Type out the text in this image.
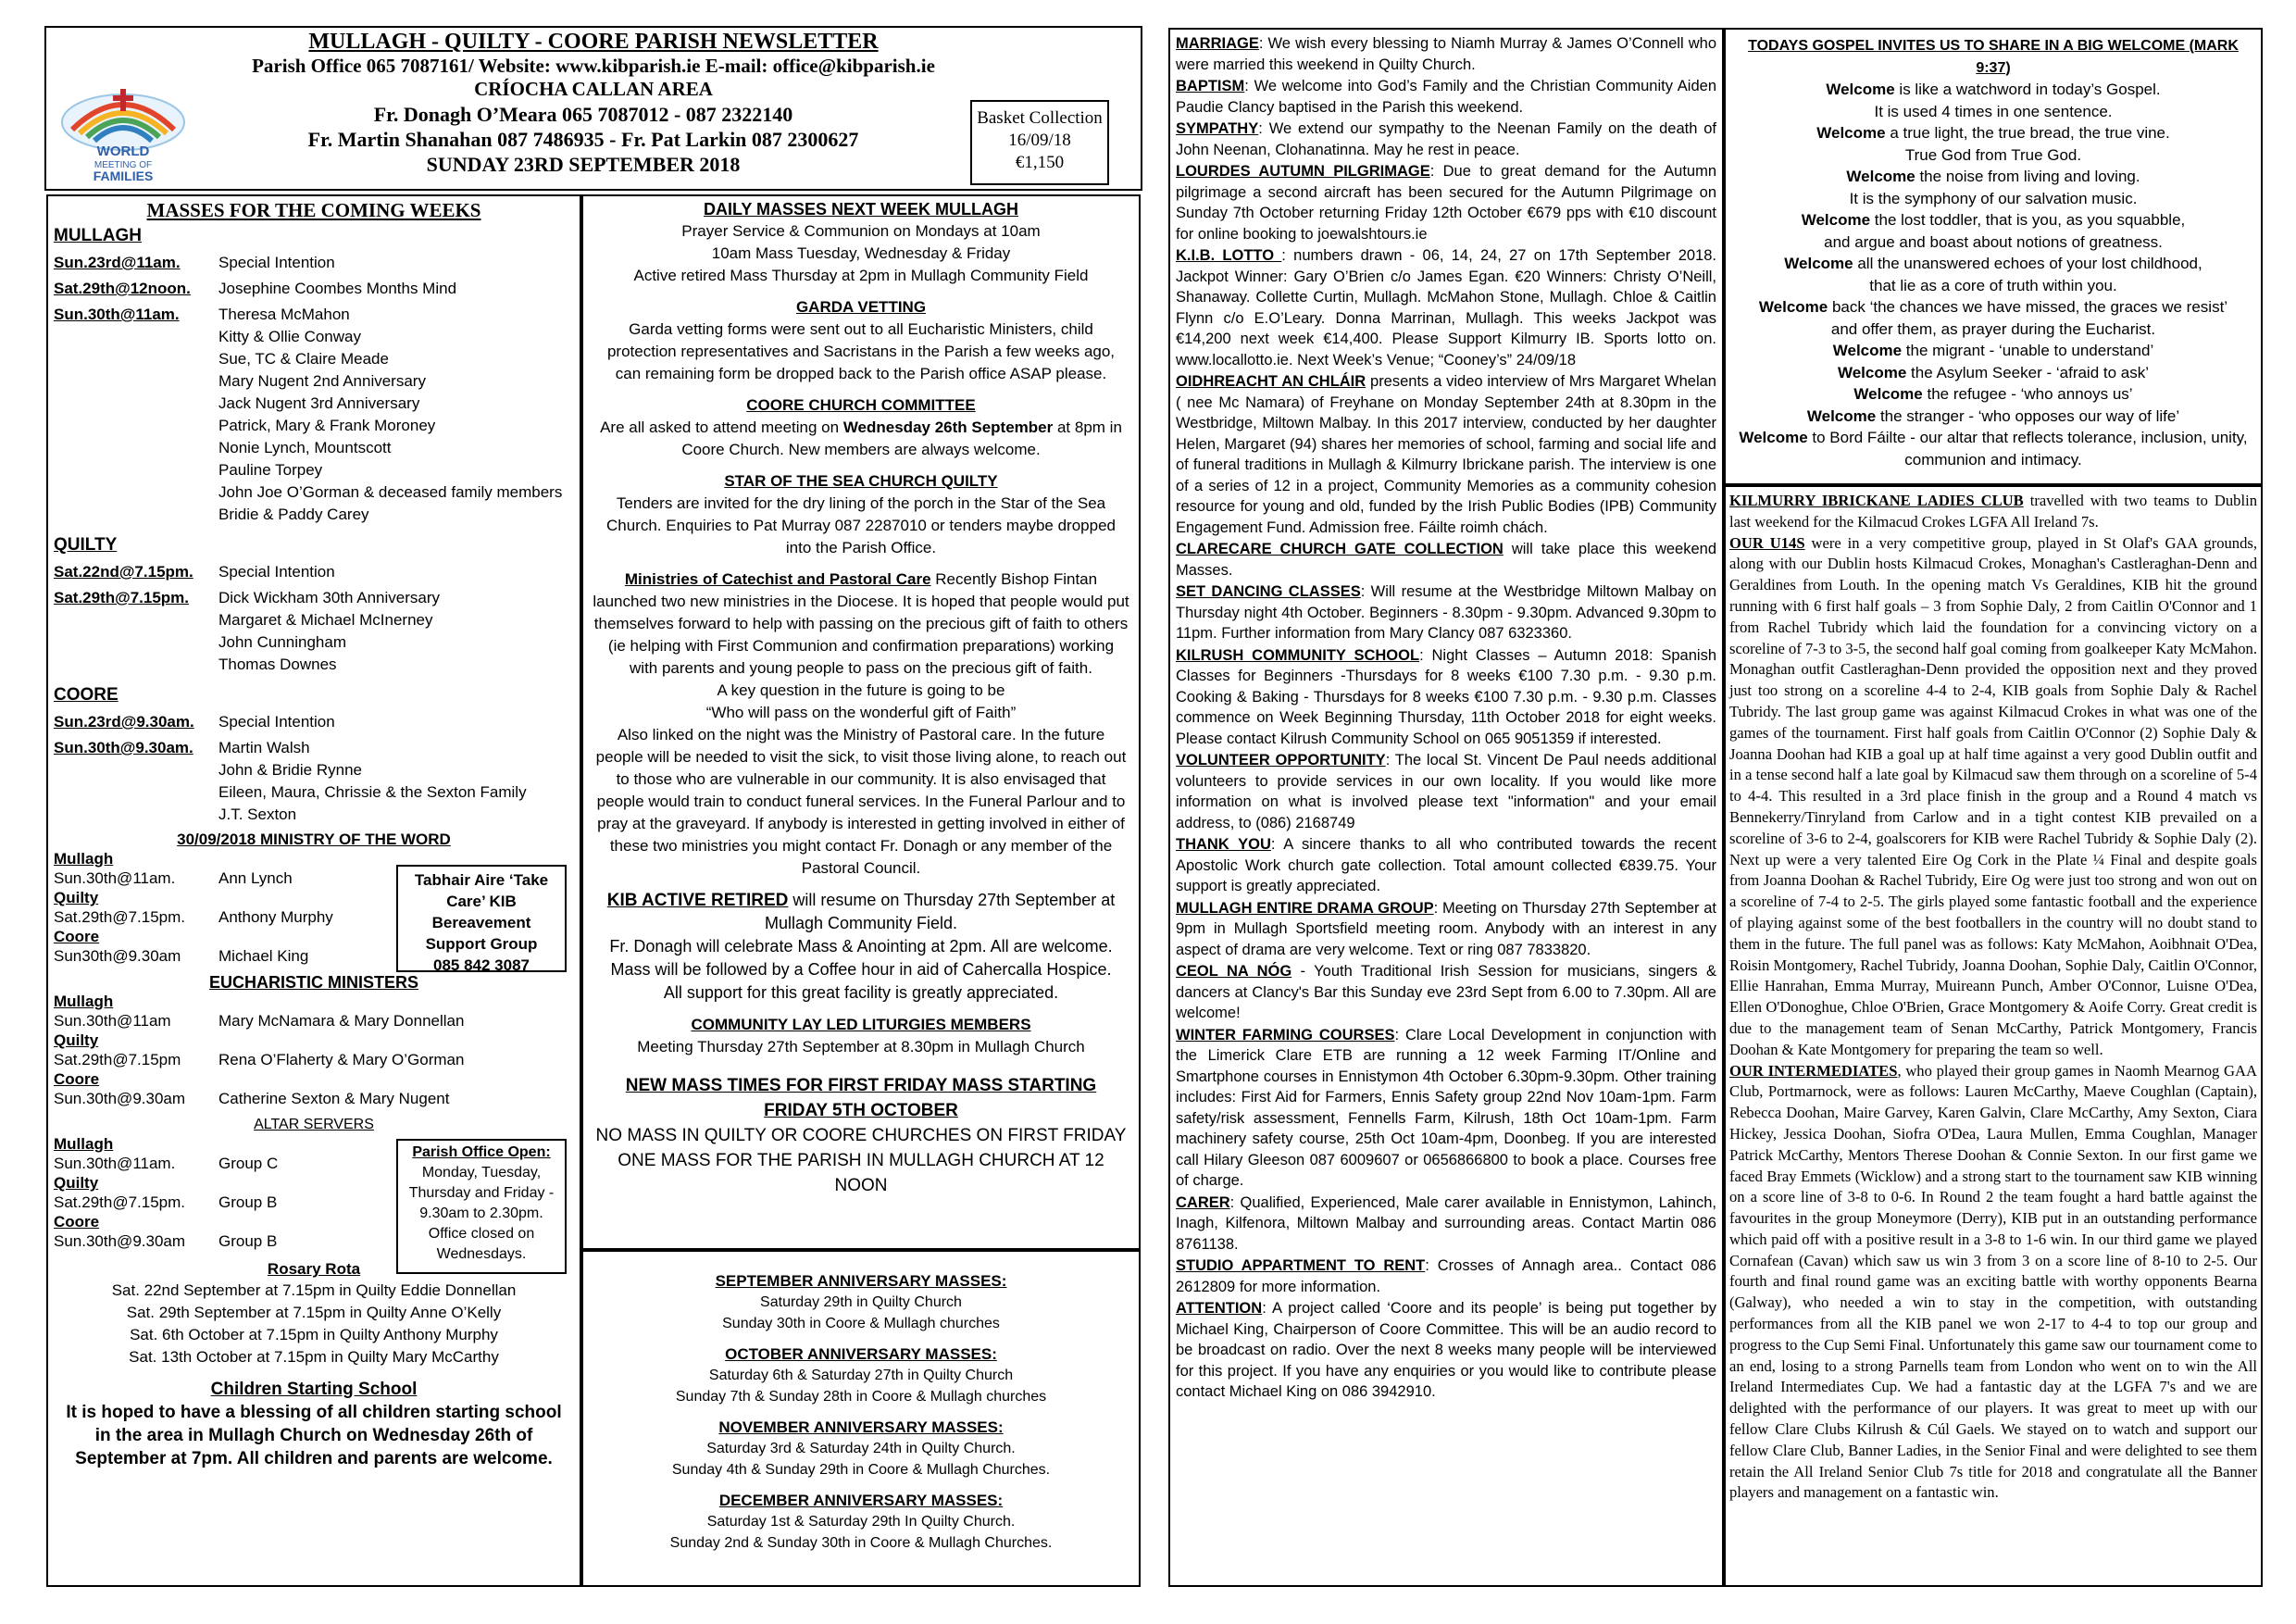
MULLAGH - QUILTY - COORE PARISH NEWSLETTER
Parish Office 065 7087161/ Website: www.kibparish.ie E-mail: office@kibparish.ie
CRÍOCHA CALLAN AREA
Fr. Donagh O’Meara 065 7087012 - 087 2322140
Fr. Martin Shanahan 087 7486935 - Fr. Pat Larkin 087 2300627
SUNDAY 23RD SEPTEMBER 2018
WORLD
MEETING OF
FAMILIES
Basket Collection
16/09/18
€1,150
MASSES FOR THE COMING WEEKS
MULLAGH
Sun.23rd@11am.	Special Intention
Sat.29th@12noon.	Josephine Coombes Months Mind
Sun.30th@11am.	Theresa McMahon
Kitty & Ollie Conway
Sue, TC & Claire Meade
Mary Nugent 2nd Anniversary
Jack Nugent 3rd Anniversary
Patrick, Mary & Frank Moroney
Nonie Lynch, Mountscott
Pauline Torpey
John Joe O’Gorman & deceased family members
Bridie & Paddy Carey
QUILTY
Sat.22nd@7.15pm.	Special Intention
Sat.29th@7.15pm.	Dick Wickham 30th Anniversary
Margaret & Michael McInerney
John Cunningham
Thomas Downes
COORE
Sun.23rd@9.30am.	Special Intention
Sun.30th@9.30am.	Martin Walsh
John & Bridie Rynne
Eileen, Maura, Chrissie & the Sexton Family
J.T. Sexton
30/09/2018 MINISTRY OF THE WORD
Mullagh
Sun.30th@11am.	Ann Lynch
Quilty
Sat.29th@7.15pm.	Anthony Murphy
Coore
Sun30th@9.30am	Michael King
Tabhair Aire ‘Take Care’ KIB
Bereavement
Support Group
085 842 3087
EUCHARISTIC MINISTERS
Mullagh
Sun.30th@11am	Mary McNamara & Mary Donnellan
Quilty
Sat.29th@7.15pm	Rena O’Flaherty & Mary O’Gorman
Coore
Sun.30th@9.30am	Catherine Sexton & Mary Nugent
ALTAR SERVERS
Mullagh
Sun.30th@11am.	Group C
Quilty
Sat.29th@7.15pm.	Group B
Coore
Sun.30th@9.30am	Group B
Parish Office Open:
Monday, Tuesday, Thursday and Friday - 9.30am to 2.30pm. Office closed on Wednesdays.
Rosary Rota
Sat. 22nd September at 7.15pm in Quilty Eddie Donnellan
Sat. 29th September at 7.15pm in Quilty Anne O’Kelly
Sat. 6th October at 7.15pm in Quilty Anthony Murphy
Sat. 13th October at 7.15pm in Quilty Mary McCarthy
Children Starting School
It is hoped to have a blessing of all children starting school in the area in Mullagh Church on Wednesday 26th of September at 7pm. All children and parents are welcome.
DAILY MASSES NEXT WEEK MULLAGH
Prayer Service & Communion on Mondays at 10am
10am Mass Tuesday, Wednesday & Friday
Active retired Mass Thursday at 2pm in Mullagh Community Field
GARDA VETTING
Garda vetting forms were sent out to all Eucharistic Ministers, child protection representatives and Sacristans in the Parish a few weeks ago, can remaining form be dropped back to the Parish office ASAP please.
COORE CHURCH COMMITTEE
Are all asked to attend meeting on Wednesday 26th September at 8pm in Coore Church. New members are always welcome.
STAR OF THE SEA CHURCH QUILTY
Tenders are invited for the dry lining of the porch in the Star of the Sea Church. Enquiries to Pat Murray 087 2287010 or tenders maybe dropped into the Parish Office.
Ministries of Catechist and Pastoral Care Recently Bishop Fintan launched two new ministries in the Diocese. It is hoped that people would put themselves forward to help with passing on the precious gift of faith to others (ie helping with First Communion and confirmation preparations) working with parents and young people to pass on the precious gift of faith.
A key question in the future is going to be
“Who will pass on the wonderful gift of Faith”
Also linked on the night was the Ministry of Pastoral care. In the future people will be needed to visit the sick, to visit those living alone, to reach out to those who are vulnerable in our community. It is also envisaged that people would train to conduct funeral services. In the Funeral Parlour and to pray at the graveyard. If anybody is interested in getting involved in either of these two ministries you might contact Fr. Donagh or any member of the Pastoral Council.
KIB ACTIVE RETIRED will resume on Thursday 27th September at Mullagh Community Field.
Fr. Donagh will celebrate Mass & Anointing at 2pm. All are welcome. Mass will be followed by a Coffee hour in aid of Cahercalla Hospice.
All support for this great facility is greatly appreciated.
COMMUNITY LAY LED LITURGIES MEMBERS
Meeting Thursday 27th September at 8.30pm in Mullagh Church
NEW MASS TIMES FOR FIRST FRIDAY MASS STARTING
FRIDAY 5TH OCTOBER
NO MASS IN QUILTY OR COORE CHURCHES ON FIRST FRIDAY ONE MASS FOR THE PARISH IN MULLAGH CHURCH AT 12 NOON
SEPTEMBER ANNIVERSARY MASSES:
Saturday 29th in Quilty Church
Sunday 30th in Coore & Mullagh churches
OCTOBER ANNIVERSARY MASSES:
Saturday 6th & Saturday 27th in Quilty Church
Sunday 7th & Sunday 28th in Coore & Mullagh churches
NOVEMBER ANNIVERSARY MASSES:
Saturday 3rd & Saturday 24th in Quilty Church.
Sunday 4th & Sunday 29th in Coore & Mullagh Churches.
DECEMBER ANNIVERSARY MASSES:
Saturday 1st & Saturday 29th In Quilty Church.
Sunday 2nd & Sunday 30th in Coore & Mullagh Churches.

MARRIAGE: We wish every blessing to Niamh Murray & James O’Connell who were married this weekend in Quilty Church.

BAPTISM: We welcome into God’s Family and the Christian Community Aiden Paudie Clancy baptised in the Parish this weekend.

SYMPATHY: We extend our sympathy to the Neenan Family on the death of John Neenan, Clohanatinna. May he rest in peace.

LOURDES AUTUMN PILGRIMAGE: Due to great demand for the Autumn pilgrimage a second aircraft has been secured for the Autumn Pilgrimage on Sunday 7th October returning Friday 12th October €679 pps with €10 discount for online booking to joewalshtours.ie

K.I.B. LOTTO : numbers drawn - 06, 14, 24, 27 on 17th September 2018. Jackpot Winner: Gary O’Brien c/o James Egan. €20 Winners: Christy O’Neill, Shanaway. Collette Curtin, Mullagh. McMahon Stone, Mullagh. Chloe & Caitlin Flynn c/o E.O’Leary. Donna Marrinan, Mullagh. This weeks Jackpot was €14,200 next week €14,400. Please Support Kilmurry IB. Sports lotto on. www.locallotto.ie. Next Week’s Venue; “Cooney’s” 24/09/18

OIDHREACHT AN CHLÁIR presents a video interview of Mrs Margaret Whelan ( nee Mc Namara) of Freyhane on Monday September 24th at 8.30pm in the Westbridge, Miltown Malbay. In this 2017 interview, conducted by her daughter Helen, Margaret (94) shares her memories of school, farming and social life and of funeral traditions in Mullagh & Kilmurry Ibrickane parish. The interview is one of a series of 12 in a project, Community Memories as a community cohesion resource for young and old, funded by the Irish Public Bodies (IPB) Community Engagement Fund. Admission free. Fáilte roimh chách.

CLARECARE CHURCH GATE COLLECTION will take place this weekend Masses.

SET DANCING CLASSES: Will resume at the Westbridge Miltown Malbay on Thursday night 4th October. Beginners - 8.30pm - 9.30pm. Advanced 9.30pm to 11pm. Further information from Mary Clancy 087 6323360.

KILRUSH COMMUNITY SCHOOL: Night Classes – Autumn 2018: Spanish Classes for Beginners -Thursdays for 8 weeks €100 7.30 p.m. - 9.30 p.m. Cooking & Baking - Thursdays for 8 weeks €100 7.30 p.m. - 9.30 p.m. Classes commence on Week Beginning Thursday, 11th October 2018 for eight weeks. Please contact Kilrush Community School on 065 9051359 if interested.

VOLUNTEER OPPORTUNITY: The local St. Vincent De Paul needs additional volunteers to provide services in our own locality. If you would like more information on what is involved please text "information" and your email address, to (086) 2168749

THANK YOU: A sincere thanks to all who contributed towards the recent Apostolic Work church gate collection. Total amount collected €839.75. Your support is greatly appreciated.

MULLAGH ENTIRE DRAMA GROUP: Meeting on Thursday 27th September at 9pm in Mullagh Sportsfield meeting room. Anybody with an interest in any aspect of drama are very welcome. Text or ring 087 7833820.

CEOL NA NÓG - Youth Traditional Irish Session for musicians, singers & dancers at Clancy's Bar this Sunday eve 23rd Sept from 6.00 to 7.30pm. All are welcome!

WINTER FARMING COURSES: Clare Local Development in conjunction with the Limerick Clare ETB are running a 12 week Farming IT/Online and Smartphone courses in Ennistymon 4th October 6.30pm-9.30pm. Other training includes: First Aid for Farmers, Ennis Safety group 22nd Nov 10am-1pm. Farm safety/risk assessment, Fennells Farm, Kilrush, 18th Oct 10am-1pm. Farm machinery safety course, 25th Oct 10am-4pm, Doonbeg. If you are interested call Hilary Gleeson 087 6009607 or 0656866800 to book a place. Courses free of charge.

CARER: Qualified, Experienced, Male carer available in Ennistymon, Lahinch, Inagh, Kilfenora, Miltown Malbay and surrounding areas. Contact Martin 086 8761138.

STUDIO APPARTMENT TO RENT: Crosses of Annagh area.. Contact 086 2612809 for more information.

ATTENTION: A project called ‘Coore and its people’ is being put together by Michael King, Chairperson of Coore Committee. This will be an audio record to be broadcast on radio. Over the next 8 weeks many people will be interviewed for this project. If you have any enquiries or you would like to contribute please contact Michael King on 086 3942910.

TODAYS GOSPEL INVITES US TO SHARE IN A BIG WELCOME (MARK 9:37)
Welcome is like a watchword in today’s Gospel.
It is used 4 times in one sentence.
Welcome a true light, the true bread, the true vine.
True God from True God.
Welcome the noise from living and loving.
It is the symphony of our salvation music.
Welcome the lost toddler, that is you, as you squabble,
and argue and boast about notions of greatness.
Welcome all the unanswered echoes of your lost childhood,
that lie as a core of truth within you.
Welcome back ‘the chances we have missed, the graces we resist’
and offer them, as prayer during the Eucharist.
Welcome the migrant - ‘unable to understand’
Welcome the Asylum Seeker - ‘afraid to ask’
Welcome the refugee - ‘who annoys us’
Welcome the stranger - ‘who opposes our way of life’
Welcome to Bord Fáilte - our altar that reflects tolerance, inclusion, unity, communion and intimacy.

KILMURRY IBRICKANE LADIES CLUB travelled with two teams to Dublin last weekend for the Kilmacud Crokes LGFA All Ireland 7s.

OUR U14S were in a very competitive group, played in St Olaf's GAA grounds, along with our Dublin hosts Kilmacud Crokes, Monaghan's Castleraghan-Denn and Geraldines from Louth. In the opening match Vs Geraldines, KIB hit the ground running with 6 first half goals – 3 from Sophie Daly, 2 from Caitlin O'Connor and 1 from Rachel Tubridy which laid the foundation for a convincing victory on a scoreline of 7-3 to 3-5, the second half goal coming from goalkeeper Katy McMahon. Monaghan outfit Castleraghan-Denn provided the opposition next and they proved just too strong on a scoreline 4-4 to 2-4, KIB goals from Sophie Daly & Rachel Tubridy. The last group game was against Kilmacud Crokes in what was one of the games of the tournament. First half goals from Caitlin O'Connor (2) Sophie Daly & Joanna Doohan had KIB a goal up at half time against a very good Dublin outfit and in a tense second half a late goal by Kilmacud saw them through on a scoreline of 5-4 to 4-4. This resulted in a 3rd place finish in the group and a Round 4 match vs Bennekerry/Tinryland from Carlow and in a tight contest KIB prevailed on a scoreline of 3-6 to 2-4, goalscorers for KIB were Rachel Tubridy & Sophie Daly (2). Next up were a very talented Eire Og Cork in the Plate ¼ Final and despite goals from Joanna Doohan & Rachel Tubridy, Eire Og were just too strong and won out on a scoreline of 7-4 to 2-5. The girls played some fantastic football and the experience of playing against some of the best footballers in the country will no doubt stand to them in the future. The full panel was as follows: Katy McMahon, Aoibhnait O'Dea, Roisin Montgomery, Rachel Tubridy, Joanna Doohan, Sophie Daly, Caitlin O'Connor, Ellie Hanrahan, Emma Murray, Muireann Punch, Amber O'Connor, Luisne O'Dea, Ellen O'Donoghue, Chloe O'Brien, Grace Montgomery & Aoife Corry. Great credit is due to the management team of Senan McCarthy, Patrick Montgomery, Francis Doohan & Kate Montgomery for preparing the team so well.

OUR INTERMEDIATES, who played their group games in Naomh Mearnog GAA Club, Portmarnock, were as follows: Lauren McCarthy, Maeve Coughlan (Captain), Rebecca Doohan, Maire Garvey, Karen Galvin, Clare McCarthy, Amy Sexton, Ciara Hickey, Jessica Doohan, Siofra O'Dea, Laura Mullen, Emma Coughlan, Manager Patrick McCarthy, Mentors Therese Doohan & Connie Sexton. In our first game we faced Bray Emmets (Wicklow) and a strong start to the tournament saw KIB winning on a score line of 3-8 to 0-6. In Round 2 the team fought a hard battle against the favourites in the group Moneymore (Derry), KIB put in an outstanding performance which paid off with a positive result in a 3-8 to 1-6 win. In our third game we played Cornafean (Cavan) which saw us win 3 from 3 on a score line of 8-10 to 2-5. Our fourth and final round game was an exciting battle with worthy opponents Bearna (Galway), who needed a win to stay in the competition, with outstanding performances from all the KIB panel we won 2-17 to 4-4 to top our group and progress to the Cup Semi Final. Unfortunately this game saw our tournament come to an end, losing to a strong Parnells team from London who went on to win the All Ireland Intermediates Cup. We had a fantastic day at the LGFA 7's and we are delighted with the performance of our players. It was great to meet up with our fellow Clare Clubs Kilrush & Cúl Gaels. We stayed on to watch and support our fellow Clare Club, Banner Ladies, in the Senior Final and were delighted to see them retain the All Ireland Senior Club 7s title for 2018 and congratulate all the Banner players and management on a fantastic win.
